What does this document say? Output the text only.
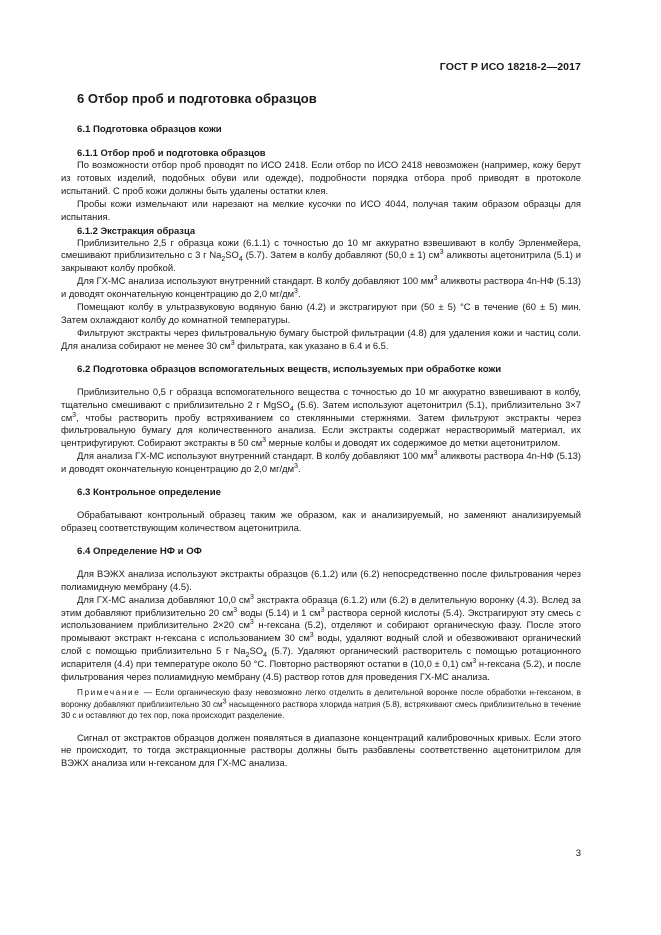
ГОСТ Р ИСО 18218-2—2017
6 Отбор проб и подготовка образцов
6.1 Подготовка образцов кожи
6.1.1 Отбор проб и подготовка образцов

По возможности отбор проб проводят по ИСО 2418. Если отбор по ИСО 2418 невозможен (например, кожу берут из готовых изделий, подобных обуви или одежде), подробности порядка отбора проб приводят в протоколе испытаний. С проб кожи должны быть удалены остатки клея.

Пробы кожи измельчают или нарезают на мелкие кусочки по ИСО 4044, получая таким образом образцы для испытания.

6.1.2 Экстракция образца

Приблизительно 2,5 г образца кожи (6.1.1) с точностью до 10 мг аккуратно взвешивают в колбу Эрленмейера, смешивают приблизительно с 3 г $Na_2SO_4$ (5.7). Затем в колбу добавляют (50,0 ± 1) $см^3$ аликвоты ацетонитрила (5.1) и закрывают колбу пробкой.

Для ГХ-МС анализа используют внутренний стандарт. В колбу добавляют 100 $мм^3$ аликвоты раствора 4n-НФ (5.13) и доводят окончательную концентрацию до 2,0 $мг/дм^3$.

Помещают колбу в ультразвуковую водяную баню (4.2) и экстрагируют при (50 ± 5) °С в течение (60 ± 5) мин. Затем охлаждают колбу до комнатной температуры.

Фильтруют экстракты через фильтровальную бумагу быстрой фильтрации (4.8) для удаления кожи и частиц соли. Для анализа собирают не менее 30 $см^3$ фильтрата, как указано в 6.4 и 6.5.

6.2 Подготовка образцов вспомогательных веществ, используемых при обработке кожи

Приблизительно 0,5 г образца вспомогательного вещества с точностью до 10 мг аккуратно взвешивают в колбу, тщательно смешивают с приблизительно 2 г MgSO$_4$ (5.6). Затем используют ацетонитрил (5.1), приблизительно 3×7 $см^3$, чтобы растворить пробу встряхиванием со стеклянными стержнями. Затем фильтруют экстракты через фильтровальную бумагу для количественного анализа. Если экстракты содержат нерастворимый материал, их центрифугируют. Собирают экстракты в 50 $см^3$ мерные колбы и доводят их содержимое до метки ацетонитрилом.

Для анализа ГХ-МС используют внутренний стандарт. В колбу добавляют 100 $мм^3$ аликвоты раствора 4n-НФ (5.13) и доводят окончательную концентрацию до 2,0 $мг/дм^3$.

6.3 Контрольное определение

Обрабатывают контрольный образец таким же образом, как и анализируемый, но заменяют анализируемый образец соответствующим количеством ацетонитрила.

6.4 Определение НФ и ОФ

Для ВЭЖХ анализа используют экстракты образцов (6.1.2) или (6.2) непосредственно после фильтрования через полиамидную мембрану (4.5).

Для ГХ-МС анализа добавляют 10,0 $см^3$ экстракта образца (6.1.2) или (6.2) в делительную воронку (4.3). Вслед за этим добавляют приблизительно 20 $см^3$ воды (5.14) и 1 $см^3$ раствора серной кислоты (5.4). Экстрагируют эту смесь с использованием приблизительно 2×20 $см^3$ н-гексана (5.2), отделяют и собирают органическую фазу. После этого промывают экстракт н-гексана с использованием 30 $см^3$ воды, удаляют водный слой и обезвоживают органический слой с помощью приблизительно 5 г $Na_2SO_4$ (5.7). Удаляют органический растворитель с помощью ротационного испарителя (4.4) при температуре около 50 °С. Повторно растворяют остатки в (10,0 ± 0,1) $см^3$ н-гексана (5.2), и после фильтрования через полиамидную мембрану (4.5) раствор готов для проведения ГХ-МС анализа.

Примечание — Если органическую фазу невозможно легко отделить в делительной воронке после обработки н-гексаном, в воронку добавляют приблизительно 30 $см^3$ насыщенного раствора хлорида натрия (5.8), встряхивают смесь приблизительно в течение 30 с и оставляют до тех пор, пока происходит разделение.

Сигнал от экстрактов образцов должен появляться в диапазоне концентраций калибровочных кривых. Если этого не происходит, то тогда экстракционные растворы должны быть разбавлены соответственно ацетонитрилом для ВЭЖХ анализа или н-гексаном для ГХ-МС анализа.

3
